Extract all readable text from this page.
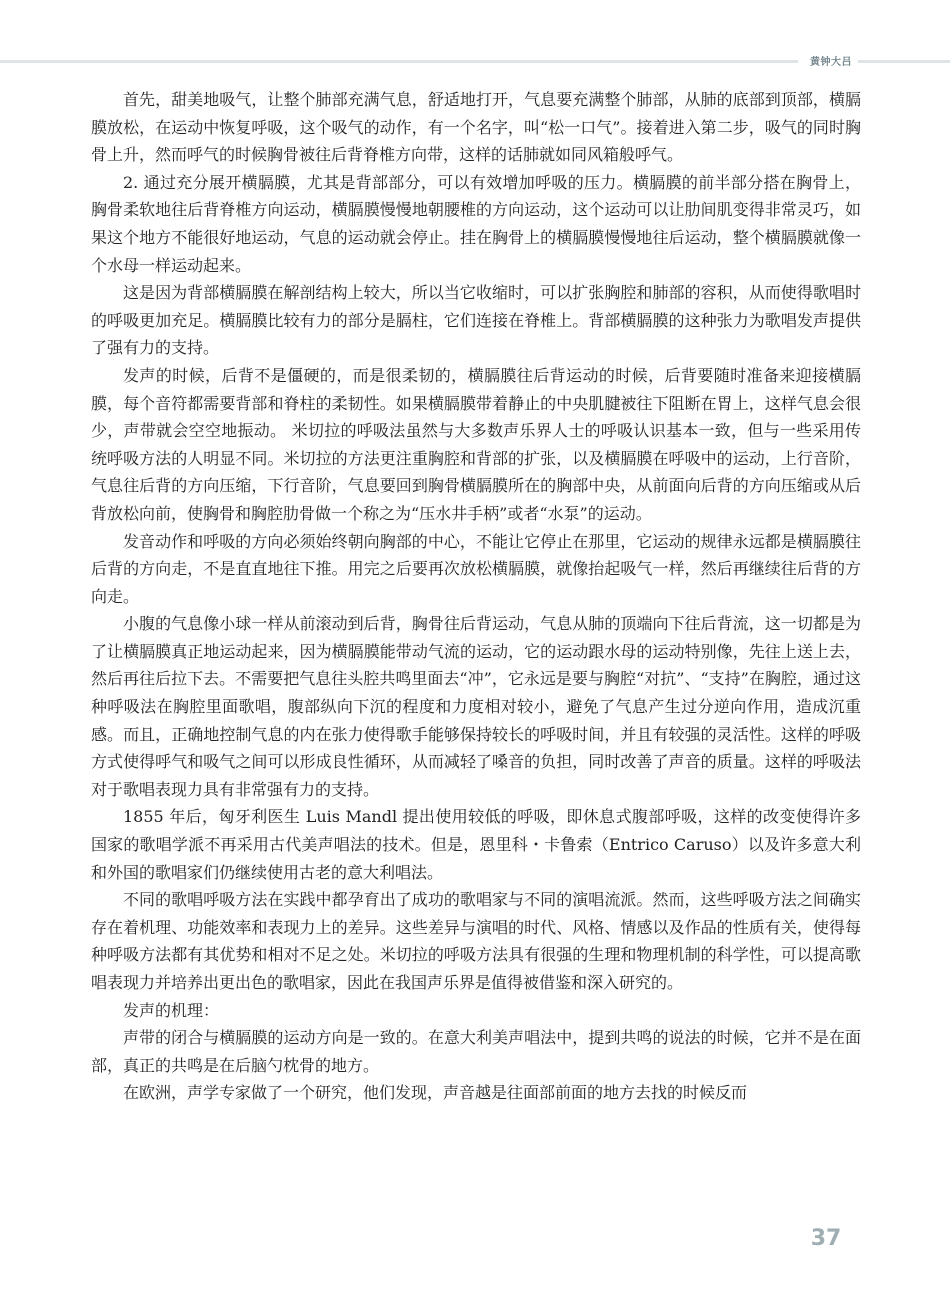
黄钟大吕

首先，甜美地吸气，让整个肺部充满气息，舒适地打开，气息要充满整个肺部，从肺的底部到顶部，横膈膜放松，在运动中恢复呼吸，这个吸气的动作，有一个名字，叫“松一口气”。接着进入第二步，吸气的同时胸骨上升，然而呼气的时候胸骨被往后背脊椎方向带，这样的话肺就如同风箱般呼气。

2. 通过充分展开横膈膜，尤其是背部部分，可以有效增加呼吸的压力。横膈膜的前半部分搭在胸骨上，胸骨柔软地往后背脊椎方向运动，横膈膜慢慢地朝腰椎的方向运动，这个运动可以让肋间肌变得非常灵巧，如果这个地方不能很好地运动，气息的运动就会停止。挂在胸骨上的横膈膜慢慢地往后运动，整个横膈膜就像一个水母一样运动起来。

这是因为背部横膈膜在解剖结构上较大，所以当它收缩时，可以扩张胸腔和肺部的容积，从而使得歌唱时的呼吸更加充足。横膈膜比较有力的部分是膈柱，它们连接在脊椎上。背部横膈膜的这种张力为歌唱发声提供了强有力的支持。

发声的时候，后背不是僵硬的，而是很柔韧的，横膈膜往后背运动的时候，后背要随时准备来迎接横膈膜，每个音符都需要背部和脊柱的柔韧性。如果横膈膜带着静止的中央肌腱被往下阻断在胃上，这样气息会很少，声带就会空空地振动。 米切拉的呼吸法虽然与大多数声乐界人士的呼吸认识基本一致，但与一些采用传统呼吸方法的人明显不同。米切拉的方法更注重胸腔和背部的扩张，以及横膈膜在呼吸中的运动，上行音阶，气息往后背的方向压缩，下行音阶，气息要回到胸骨横膈膜所在的胸部中央，从前面向后背的方向压缩或从后背放松向前，使胸骨和胸腔肋骨做一个称之为“压水井手柄”或者“水泵”的运动。

发音动作和呼吸的方向必须始终朝向胸部的中心，不能让它停止在那里，它运动的规律永远都是横膈膜往后背的方向走，不是直直地往下推。用完之后要再次放松横膈膜，就像抬起吸气一样，然后再继续往后背的方向走。

小腹的气息像小球一样从前滚动到后背，胸骨往后背运动，气息从肺的顶端向下往后背流，这一切都是为了让横膈膜真正地运动起来，因为横膈膜能带动气流的运动，它的运动跟水母的运动特别像，先往上送上去，然后再往后拉下去。不需要把气息往头腔共鸣里面去“冲”，它永远是要与胸腔“对抗”、“支持”在胸腔，通过这种呼吸法在胸腔里面歌唱，腹部纵向下沉的程度和力度相对较小，避免了气息产生过分逆向作用，造成沉重感。而且，正确地控制气息的内在张力使得歌手能够保持较长的呼吸时间，并且有较强的灵活性。这样的呼吸方式使得呼气和吸气之间可以形成良性循环，从而减轻了嗓音的负担，同时改善了声音的质量。这样的呼吸法对于歌唱表现力具有非常强有力的支持。

1855 年后，匈牙利医生 Luis Mandl 提出使用较低的呼吸，即休息式腹部呼吸，这样的改变使得许多国家的歌唱学派不再采用古代美声唱法的技术。但是，恩里科・卡鲁索（Entrico Caruso）以及许多意大利和外国的歌唱家们仍继续使用古老的意大利唱法。

不同的歌唱呼吸方法在实践中都孕育出了成功的歌唱家与不同的演唱流派。然而，这些呼吸方法之间确实存在着机理、功能效率和表现力上的差异。这些差异与演唱的时代、风格、情感以及作品的性质有关，使得每种呼吸方法都有其优势和相对不足之处。米切拉的呼吸方法具有很强的生理和物理机制的科学性，可以提高歌唱表现力并培养出更出色的歌唱家，因此在我国声乐界是值得被借鉴和深入研究的。

发声的机理：

声带的闭合与横膈膜的运动方向是一致的。在意大利美声唱法中，提到共鸣的说法的时候，它并不是在面部，真正的共鸣是在后脑勺枕骨的地方。

在欧洲，声学专家做了一个研究，他们发现，声音越是往面部前面的地方去找的时候反而

37
